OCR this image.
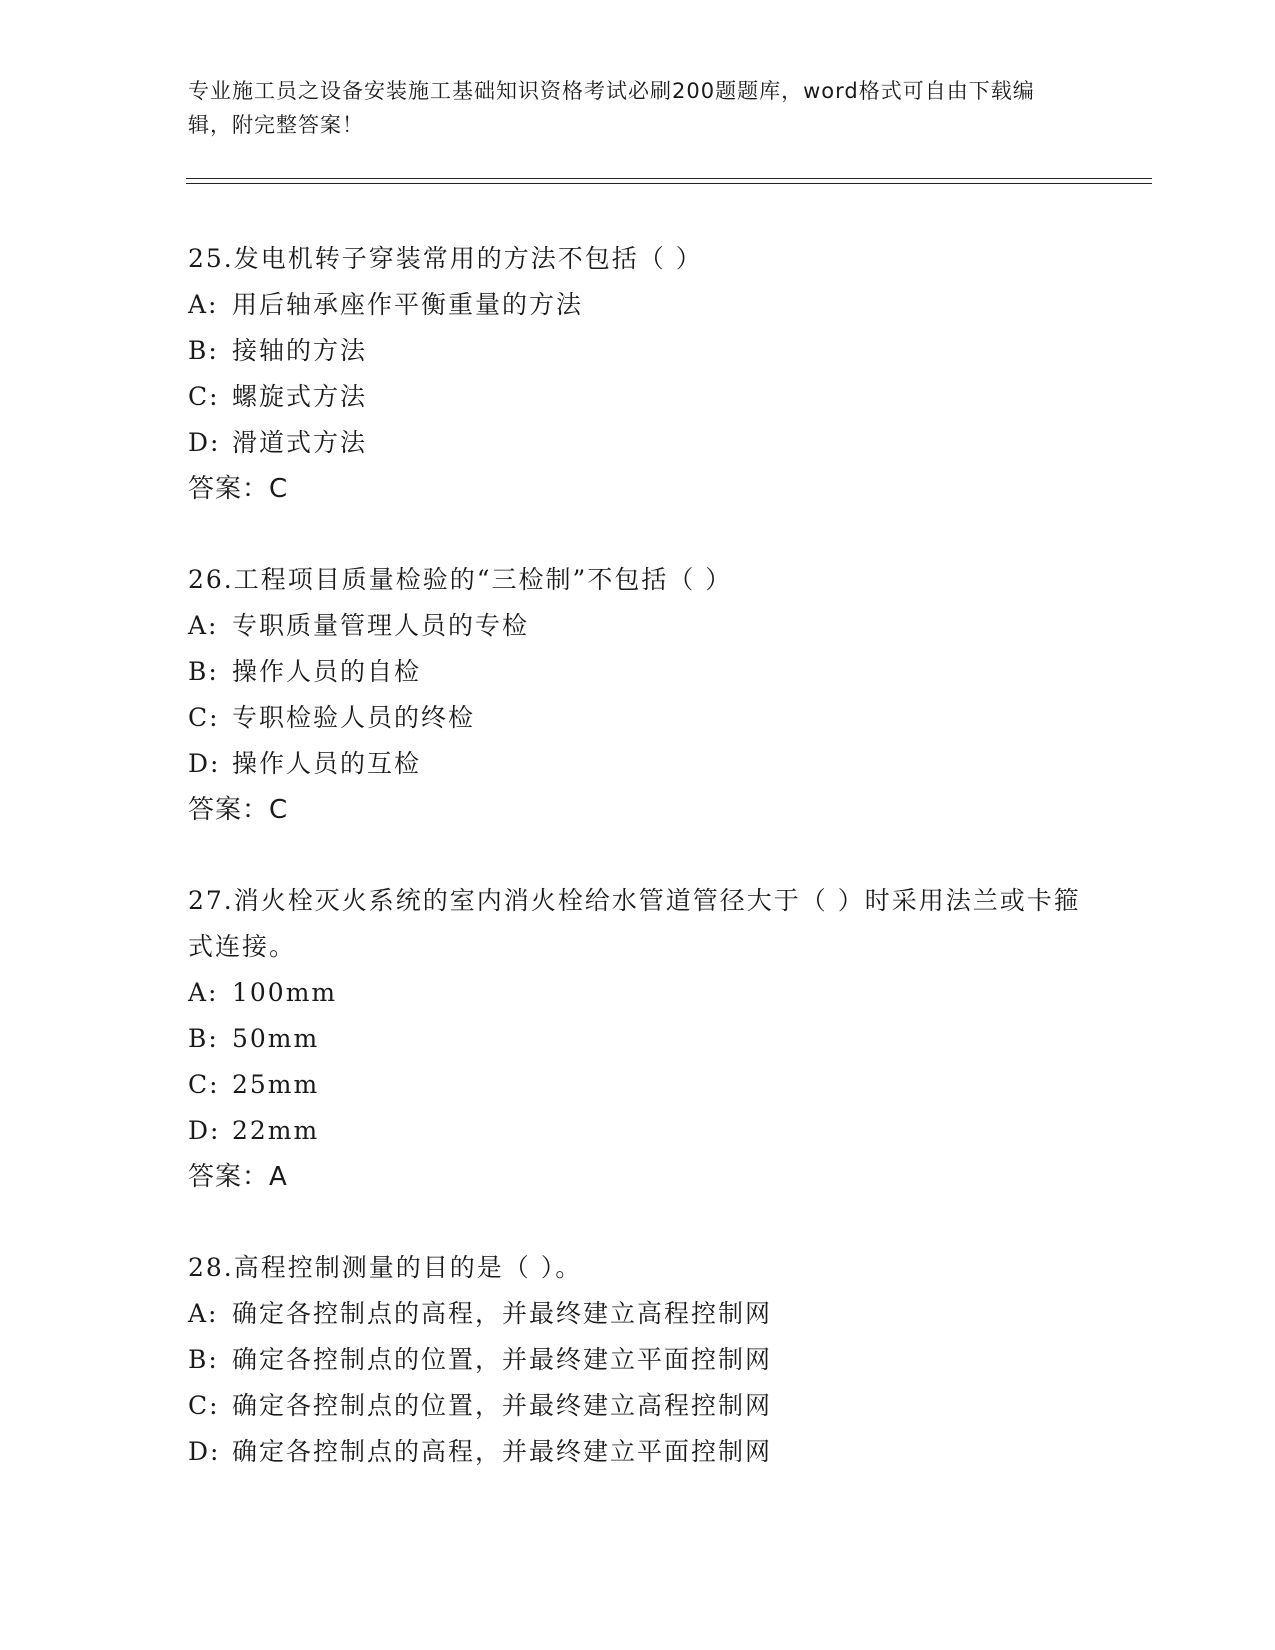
专业施工员之设备安装施工基础知识资格考试必刷200题题库，word格式可自由下载编辑，附完整答案！

25.发电机转子穿装常用的方法不包括（ ）

A: 用后轴承座作平衡重量的方法

B: 接轴的方法

C: 螺旋式方法

D: 滑道式方法

答案：C

26.工程项目质量检验的“三检制”不包括（ ）

A: 专职质量管理人员的专检

B: 操作人员的自检

C: 专职检验人员的终检

D: 操作人员的互检

答案：C

27.消火栓灭火系统的室内消火栓给水管道管径大于（ ）时采用法兰或卡箍式连接。

A: 100mm

B: 50mm

C: 25mm

D: 22mm

答案：A

28.高程控制测量的目的是（ ）。

A: 确定各控制点的高程，并最终建立高程控制网

B: 确定各控制点的位置，并最终建立平面控制网

C: 确定各控制点的位置，并最终建立高程控制网

D: 确定各控制点的高程，并最终建立平面控制网
